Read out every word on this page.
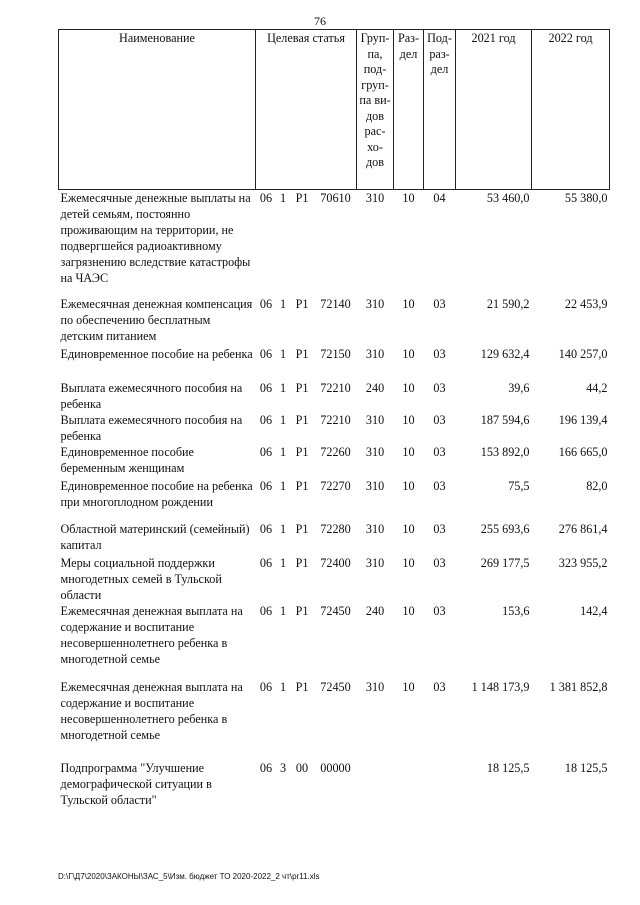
76
Наименование	Целевая статья				Груп-па, под-груп-па ви-дов рас-хо-дов	Раз-дел	Под-раз-дел	2021 год	2022 год
Ежемесячные денежные выплаты на детей семьям, постоянно проживающим на территории, не подвергшейся радиоактивному загрязнению вследствие катастрофы на ЧАЭС	06	1	Р1	70610	310	10	04	53 460,0	55 380,0
Ежемесячная денежная компенсация по обеспечению бесплатным детским питанием	06	1	Р1	72140	310	10	03	21 590,2	22 453,9
Единовременное пособие на ребенка	06	1	Р1	72150	310	10	03	129 632,4	140 257,0
Выплата ежемесячного пособия на ребенка	06	1	Р1	72210	240	10	03	39,6	44,2
Выплата ежемесячного пособия на ребенка	06	1	Р1	72210	310	10	03	187 594,6	196 139,4
Единовременное пособие беременным женщинам	06	1	Р1	72260	310	10	03	153 892,0	166 665,0
Единовременное пособие на ребенка при многоплодном рождении	06	1	Р1	72270	310	10	03	75,5	82,0
Областной материнский (семейный) капитал	06	1	Р1	72280	310	10	03	255 693,6	276 861,4
Меры социальной поддержки многодетных семей в Тульской области	06	1	Р1	72400	310	10	03	269 177,5	323 955,2
Ежемесячная денежная выплата на содержание и воспитание несовершеннолетнего ребенка в многодетной семье	06	1	Р1	72450	240	10	03	153,6	142,4
Ежемесячная денежная выплата на содержание и воспитание несовершеннолетнего ребенка в многодетной семье	06	1	Р1	72450	310	10	03	1 148 173,9	1 381 852,8
Подпрограмма "Улучшение демографической ситуации в Тульской области"	06	3	00	00000				18 125,5	18 125,5
D:\Г\Д7\2020\ЗАКОНЫ\ЗАС_5\Изм. бюджет ТО 2020-2022_2 чт\pr11.xls
